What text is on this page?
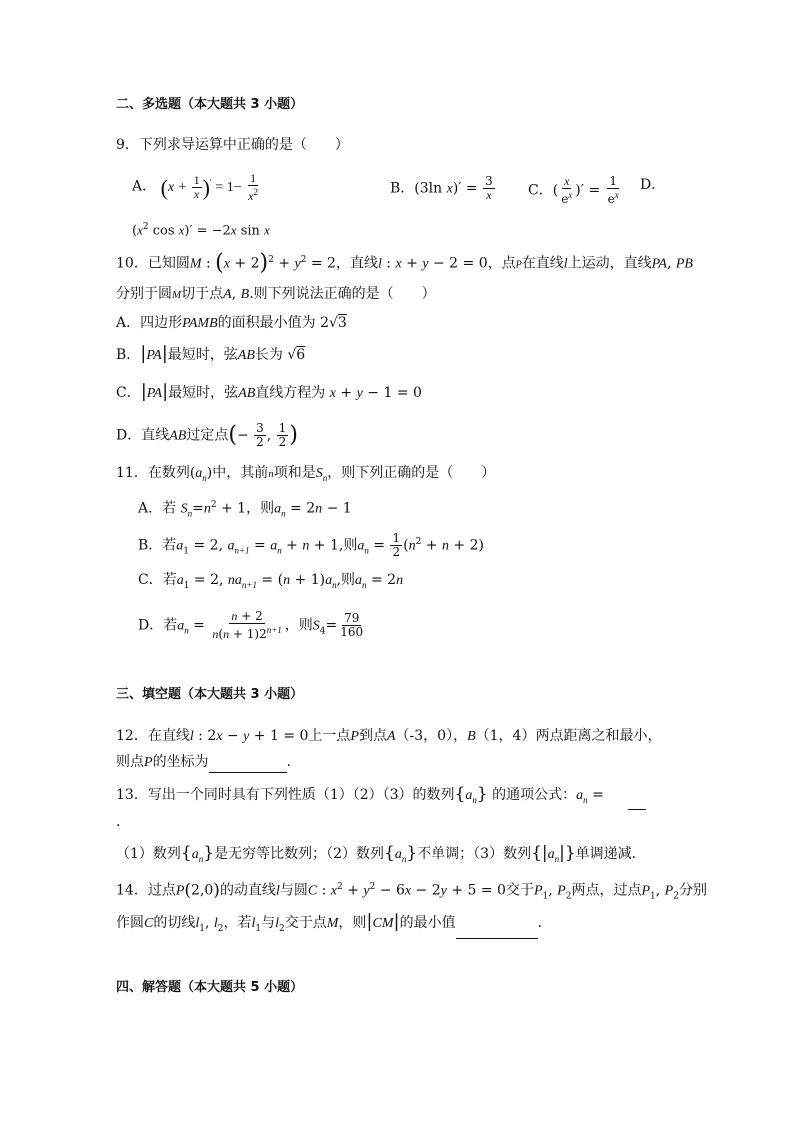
二、多选题（本大题共 3 小题）
9．下列求导运算中正确的是（　　）
A． $(x + \frac{1}{x} )' = 1- \frac{1}{x^2}$	B．(3ln $x)' = \frac{3}{x}$ C．( $\frac{x}{e^x}$ )′ = $\frac{1}{e^x}$ D．
($x^2$ cos x)′ = −2x sin x
10．已知圆M : $(x + 2)^2 + y^2 = 2$，直线l : x + y − 2 = 0，点P在直线l上运动，直线PA, PB
分别于圆M切于点A, B.则下列说法正确的是（　　）
A．四边形PAMB的面积最小值为 2√3
B．|PA|最短时，弦AB长为 √6
C．|PA|最短时，弦AB直线方程为 x + y − 1 = 0
D．直线AB过定点(− $\frac{3}{2}$ , $\frac{1}{2}$ )
11．在数列$(a_n)$中，其前n项和是$S_n$，则下列正确的是（　　）
A．若 $S_n=n^2 + 1$，则$a_n = 2n - 1$
B．若$a_1 = 2$, $a_{n+1} = a_n + n + 1$,则$a_n = \frac{1}{2} (n^2 + n + 2)$
C．若$a_1 = 2$, $na_{n+1} = (n + 1)a_n$,则$a_n = 2n$
D．若$a_n = \frac{n + 2}{n(n + 1)2^{n+1}}$ ，则$S_4= \frac{79}{160}$
三、填空题（本大题共 3 小题）
12．在直线l : 2x − y + 1 = 0上一点P到点A（-3，0），B（1，4）两点距离之和最小，
则点P的坐标为	.
13．写出一个同时具有下列性质（1）（2）（3）的数列$\{a_n\}$ 的通项公式：$a_n$ =
.
（1）数列$\{a_n\}$是无穷等比数列；（2）数列$\{a_n\}$不单调；（3）数列$\{|a_n|\}$单调递减．
14．过点P(2,0)的动直线l与圆C : $x^2 + y^2 - 6x - 2y + 5 = 0$交于$P_1$, $P_2$两点，过点$P_1$, $P_2$分别
作圆C的切线$l_1$, $l_2$，若$l_1$与$l_2$交于点M，则|CM|的最小值	．
四、解答题（本大题共 5 小题）
